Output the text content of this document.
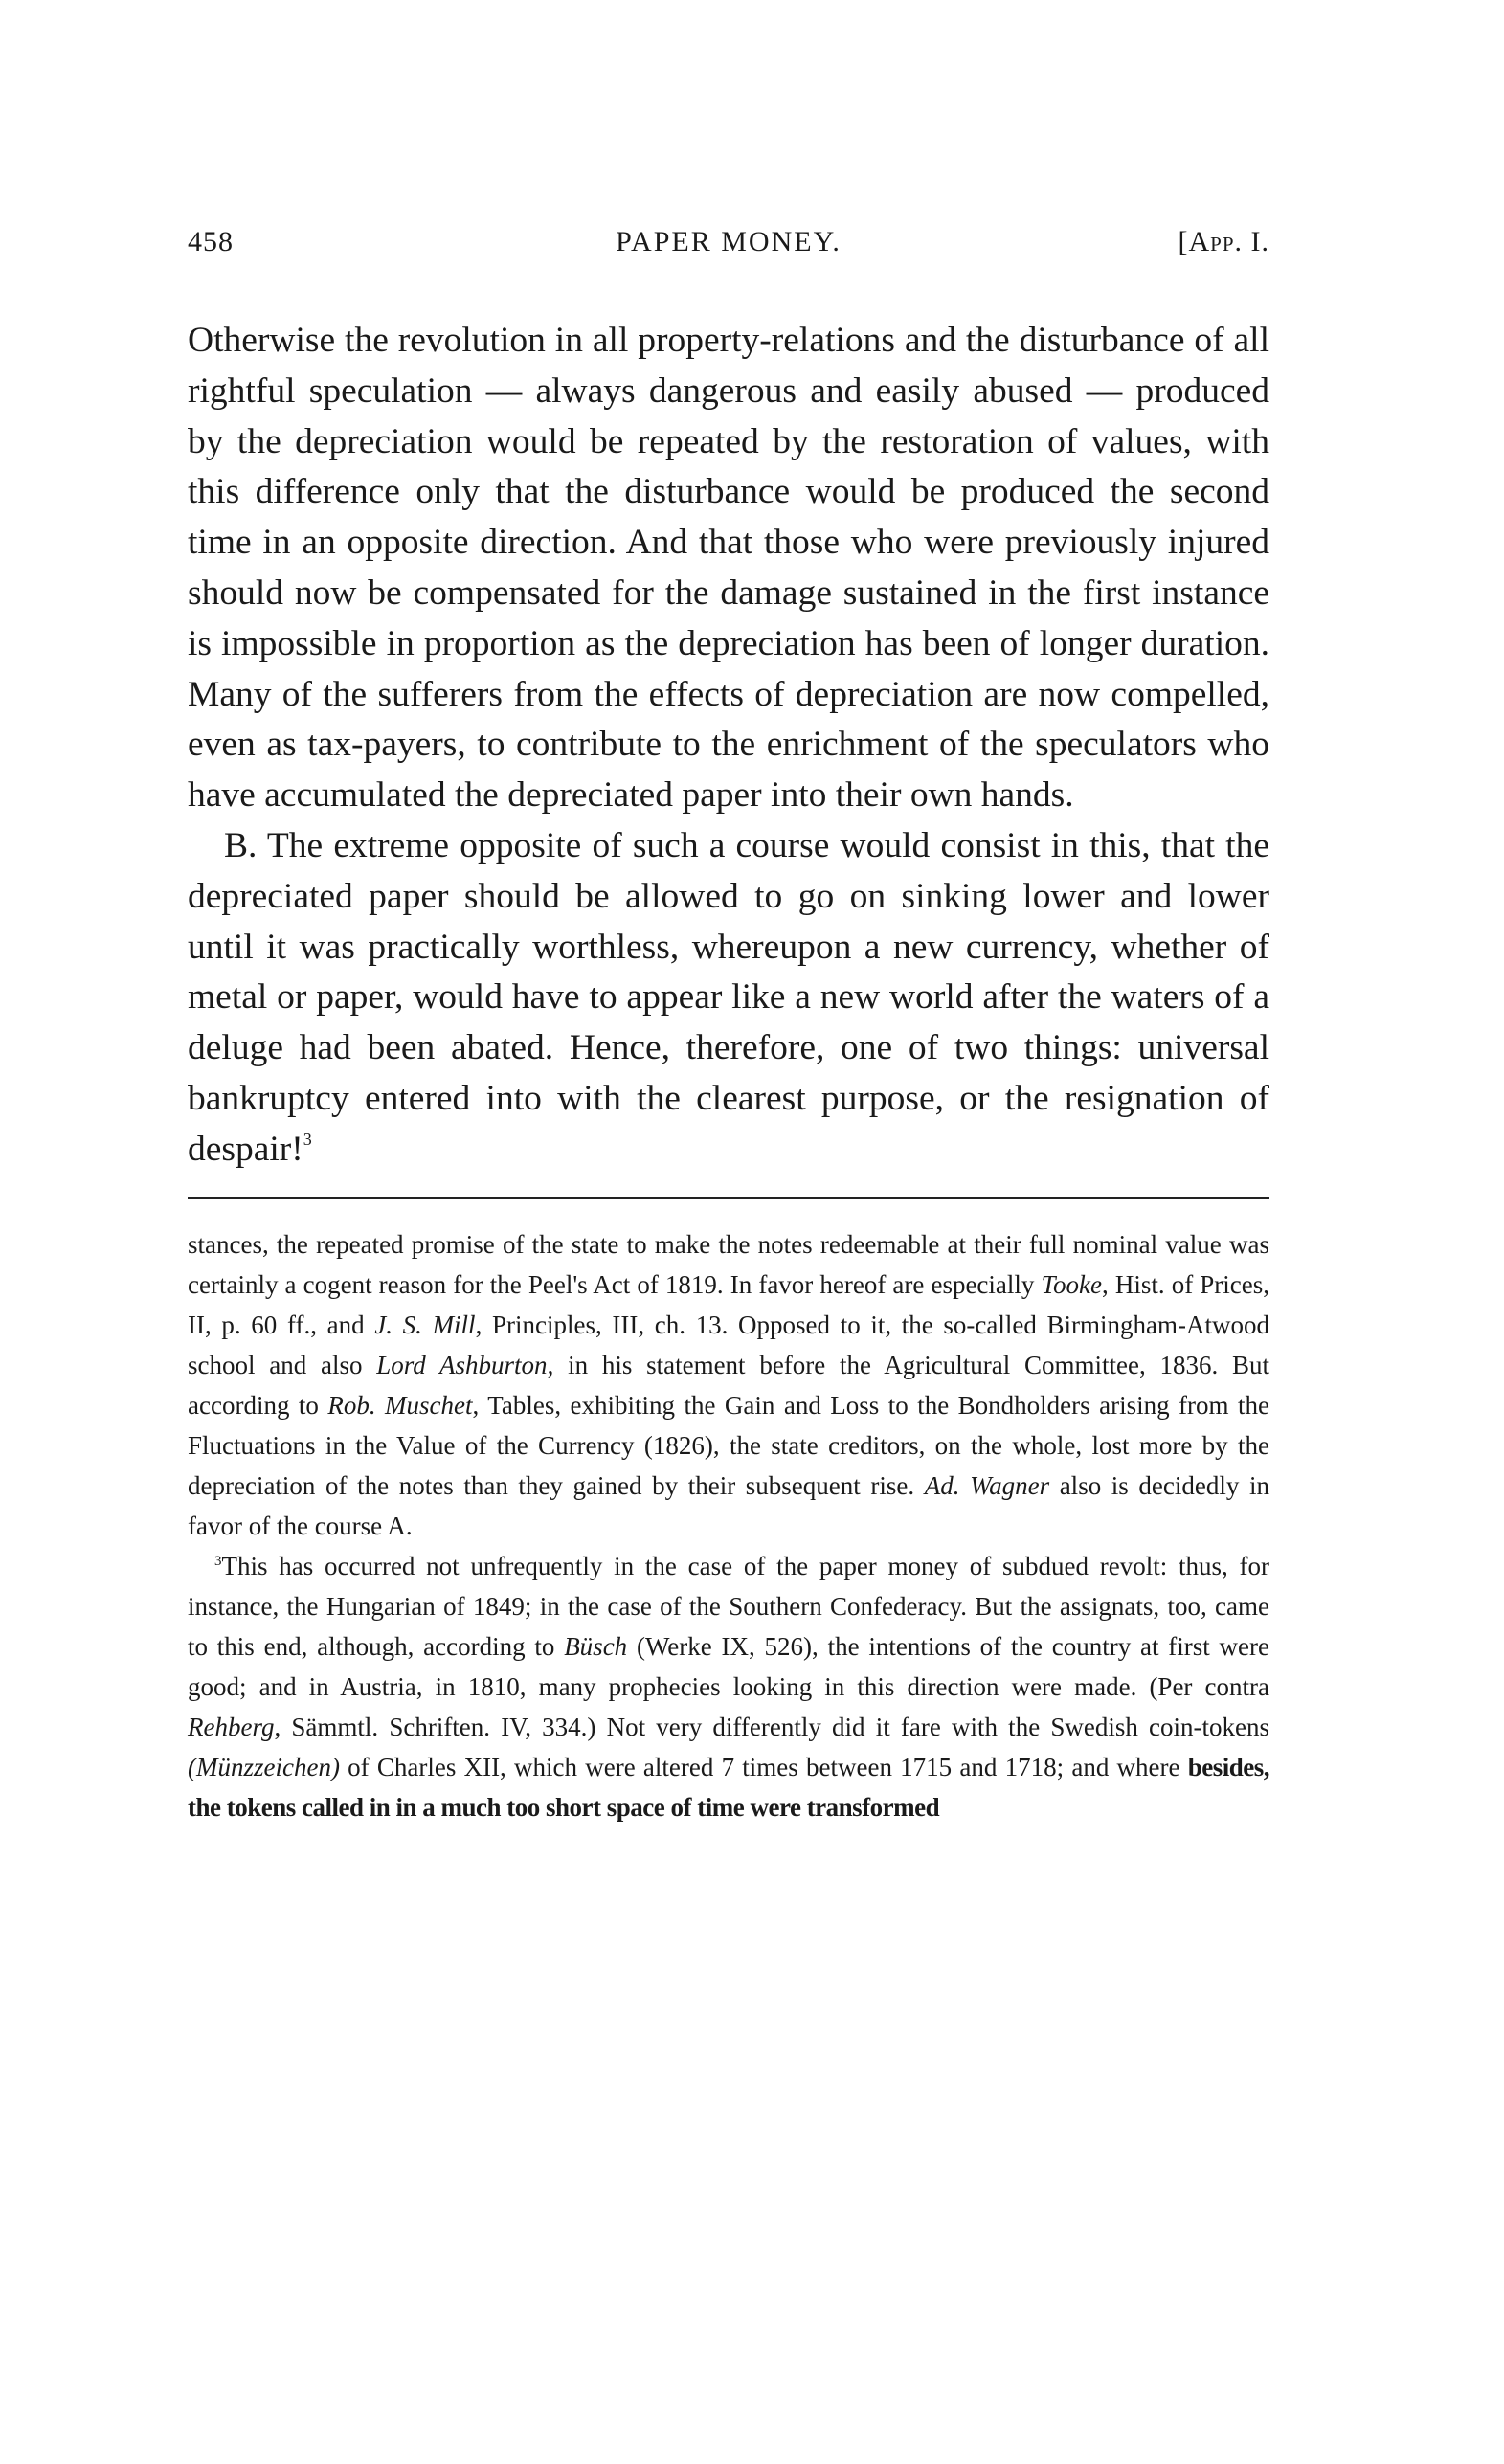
458	PAPER MONEY.	[App. I.

Otherwise the revolution in all property-relations and the disturbance of all rightful speculation — always dangerous and easily abused — produced by the depreciation would be repeated by the restoration of values, with this difference only that the disturbance would be produced the second time in an opposite direction. And that those who were previously injured should now be compensated for the damage sustained in the first instance is impossible in proportion as the depreciation has been of longer duration. Many of the sufferers from the effects of depreciation are now compelled, even as tax-payers, to contribute to the enrichment of the speculators who have accumulated the depreciated paper into their own hands.

B. The extreme opposite of such a course would consist in this, that the depreciated paper should be allowed to go on sinking lower and lower until it was practically worthless, whereupon a new currency, whether of metal or paper, would have to appear like a new world after the waters of a deluge had been abated. Hence, therefore, one of two things: universal bankruptcy entered into with the clearest purpose, or the resignation of despair!$^3$

stances, the repeated promise of the state to make the notes redeemable at their full nominal value was certainly a cogent reason for the Peel's Act of 1819. In favor hereof are especially Tooke, Hist. of Prices, II, p. 60 ff., and J. S. Mill, Principles, III, ch. 13. Opposed to it, the so-called Birmingham-Atwood school and also Lord Ashburton, in his statement before the Agricultural Committee, 1836. But according to Rob. Muschet, Tables, exhibiting the Gain and Loss to the Bondholders arising from the Fluctuations in the Value of the Currency (1826), the state creditors, on the whole, lost more by the depreciation of the notes than they gained by their subsequent rise. Ad. Wagner also is decidedly in favor of the course A.

$^3$This has occurred not unfrequently in the case of the paper money of subdued revolt: thus, for instance, the Hungarian of 1849; in the case of the Southern Confederacy. But the assignats, too, came to this end, although, according to Büsch (Werke IX, 526), the intentions of the country at first were good; and in Austria, in 1810, many prophecies looking in this direction were made. (Per contra Rehberg, Sämmtl. Schriften. IV, 334.) Not very differently did it fare with the Swedish coin-tokens (Münzzeichen) of Charles XII, which were altered 7 times between 1715 and 1718; and where besides, the tokens called in in a much too short space of time were transformed
